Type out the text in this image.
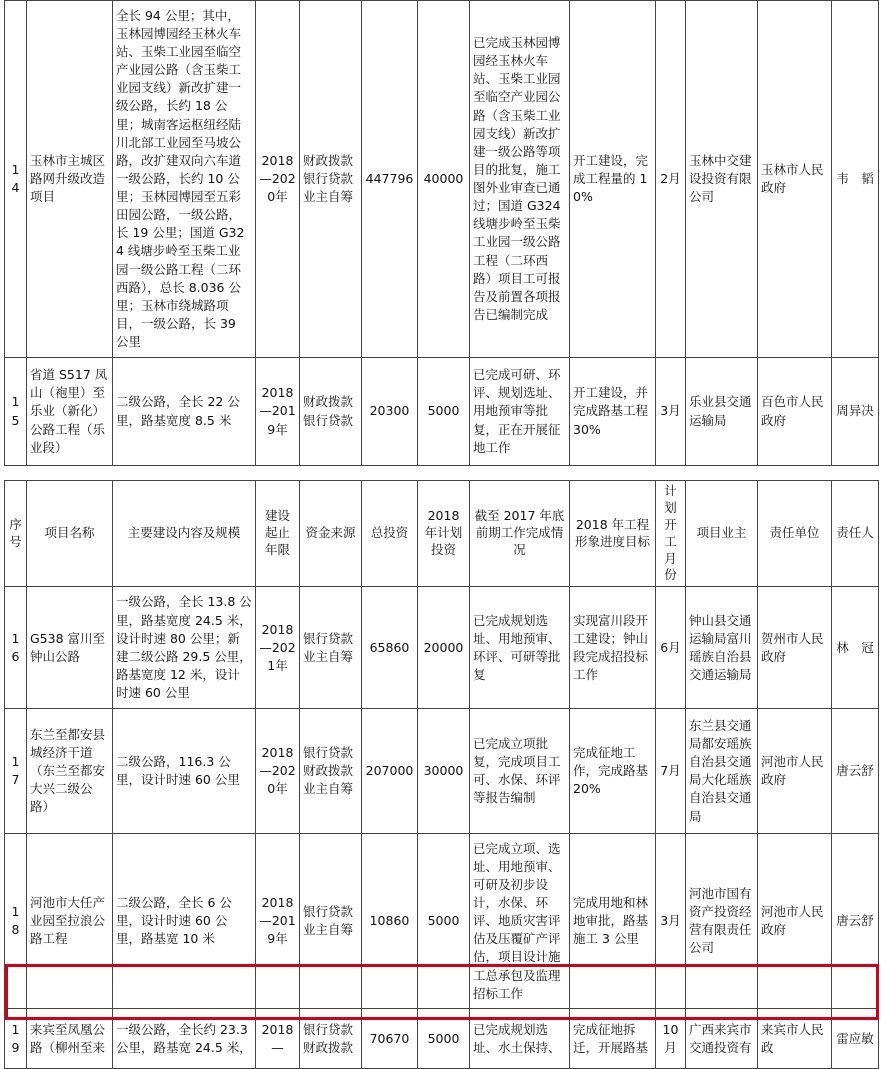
14	玉林市主城区路网升级改造项目	全长 94 公里；其中，玉林园博园经玉林火车站、玉柴工业园至临空产业园公路（含玉柴工业园支线）新改扩建一级公路，长约 18 公里；城南客运枢纽经陆川北部工业园至马坡公路，改扩建双向六车道一级公路，长约 10 公里；玉林园博园至五彩田园公路，一级公路，长 19 公里；国道 G324 线塘步岭至玉柴工业园一级公路工程（二环西路），总长 8.036 公里；玉林市绕城路项目，一级公路，长 39 公里	2018—2020年	财政拨款银行贷款业主自筹	447796	40000	已完成玉林园博园经玉林火车站、玉柴工业园至临空产业园公路（含玉柴工业园支线）新改扩建一级公路等项目的批复，施工图外业审查已通过；国道 G324 线塘步岭至玉柴工业园一级公路工程（二环西路）项目工可报告及前置各项报告已编制完成	开工建设，完成工程量的 10%	2月	玉林中交建设投资有限公司	玉林市人民政府	韦　韬
15	省道 S517 凤山（袍里）至乐业（新化）公路工程（乐业段）	二级公路，全长 22 公里，路基宽度 8.5 米	2018—2019年	财政拨款银行贷款	20300	5000	已完成可研、环评、规划选址、用地预审等批复，正在开展征地工作	开工建设，并完成路基工程 30%	3月	乐业县交通运输局	百色市人民政府	周异决
序号	项目名称	主要建设内容及规模	建设起止年限	资金来源	总投资	2018 年计划投资	截至 2017 年底前期工作完成情况	2018 年工程形象进度目标	计划开工月份	项目业主	责任单位	责任人
16	G538 富川至钟山公路	一级公路，全长 13.8 公里，路基宽度 24.5 米，设计时速 80 公里；新建二级公路 29.5 公里，路基宽度 12 米，设计时速 60 公里	2018—2021年	银行贷款业主自筹	65860	20000	已完成规划选址、用地预审、环评、可研等批复	实现富川段开工建设；钟山段完成招投标工作	6月	钟山县交通运输局富川瑶族自治县交通运输局	贺州市人民政府	林　冠
17	东兰至都安县城经济干道（东兰至都安大兴二级公路）	二级公路，116.3 公里，设计时速 60 公里	2018—2020年	银行贷款财政拨款业主自筹	207000	30000	已完成立项批复，完成项目工可、水保、环评等报告编制	完成征地工作，完成路基 20%	7月	东兰县交通局都安瑶族自治县交通局大化瑶族自治县交通局	河池市人民政府	唐云舒
18	河池市大任产业园至拉浪公路工程	二级公路，全长 6 公里，设计时速 60 公里，路基宽 10 米	2018—2019年	银行贷款业主自筹	10860	5000	已完成立项、选址、用地预审、可研及初步设计，水保、环评、地质灾害评估及压覆矿产评估，项目设计施工总承包及监理招标工作	完成用地和林地审批，路基施工 3 公里	3月	河池市国有资产投资经营有限责任公司	河池市人民政府	唐云舒
19	来宾至凤凰公路（柳州至来	一级公路，全长约 23.3 公里，路基宽 24.5 米，	2018—	银行贷款财政拨款	70670	5000	已完成规划选址、水土保持、	完成征地拆迁，开展路基	10月	广西来宾市交通投资有	来宾市人民政	雷应敏
